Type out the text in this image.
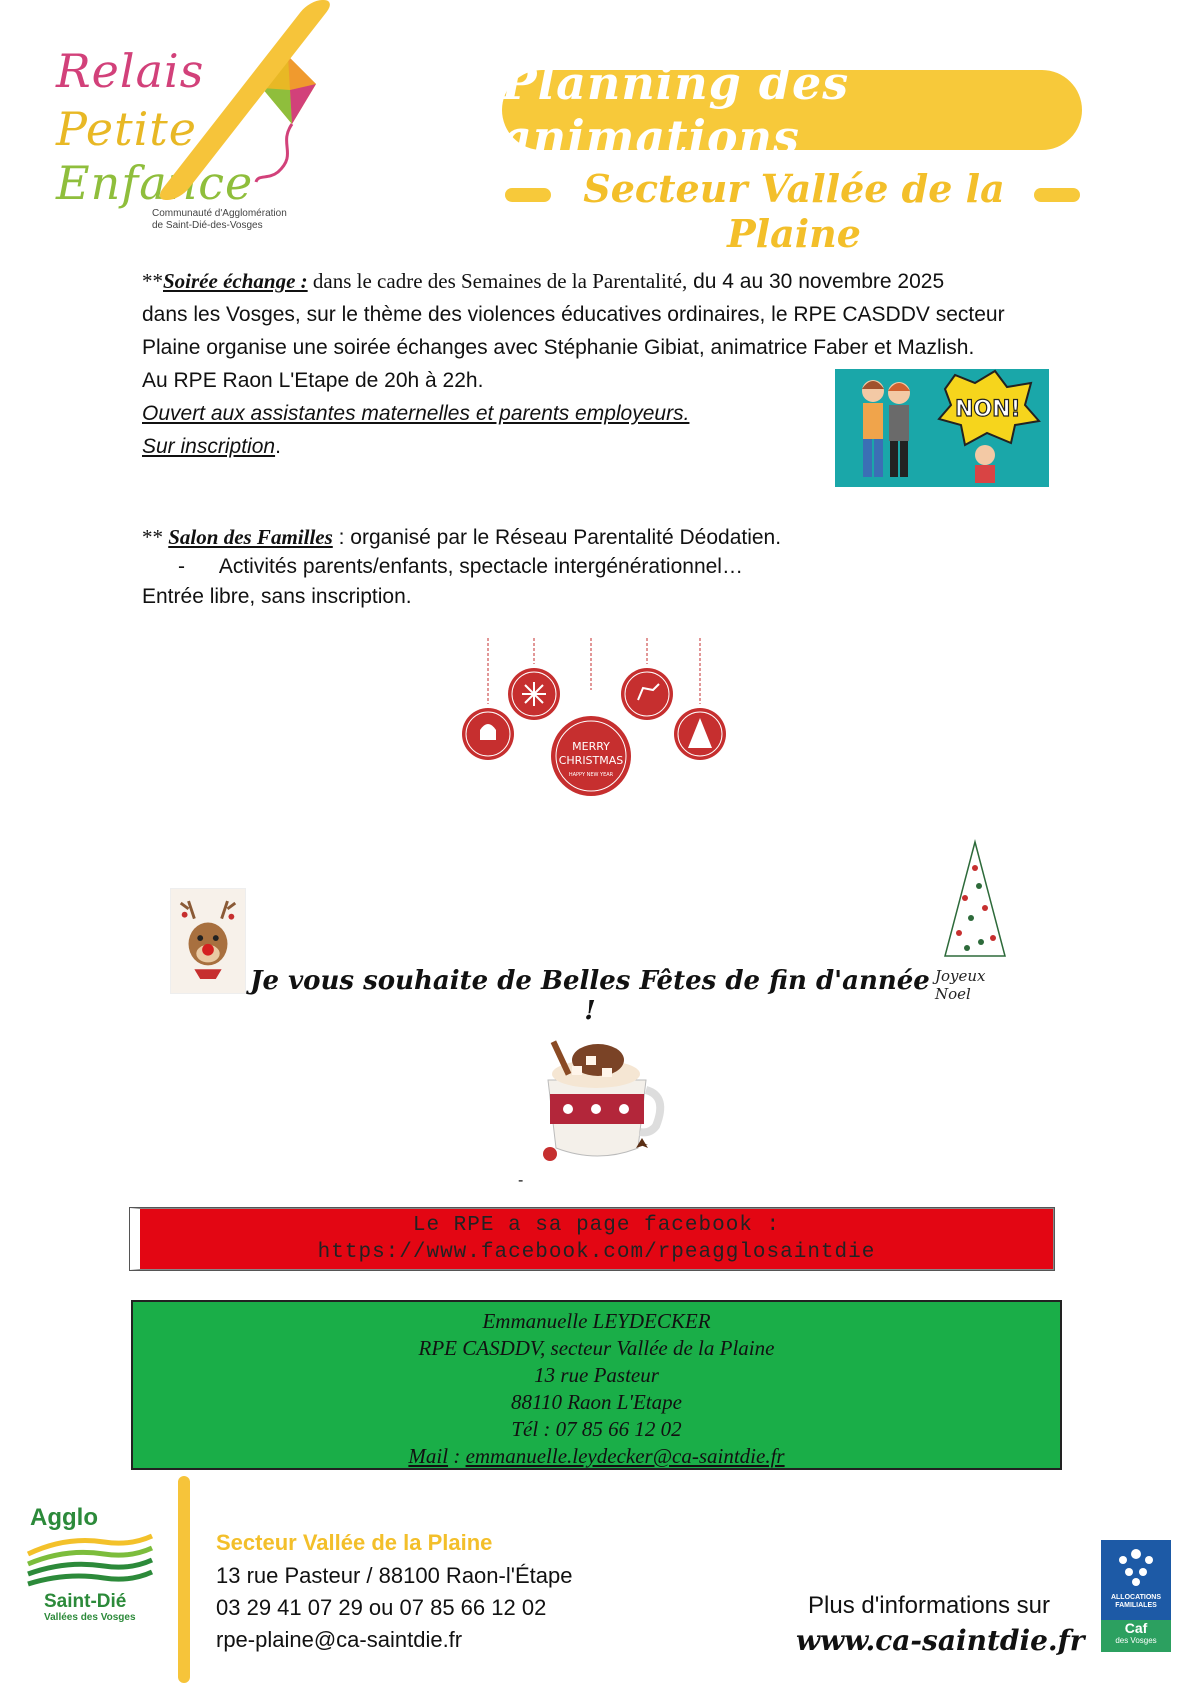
Relais
Petite
Enfance
Communauté d'Agglomération
de Saint-Dié-des-Vosges
Planning des animations
Secteur Vallée de la Plaine
**Soirée échange : dans le cadre des Semaines de la Parentalité, du 4 au 30 novembre 2025
dans les Vosges, sur le thème des violences éducatives ordinaires, le RPE CASDDV secteur
Plaine organise une soirée échanges avec Stéphanie Gibiat, animatrice Faber et Mazlish.
Au RPE Raon L'Etape de 20h à 22h.
Ouvert aux assistantes maternelles et parents employeurs.
Sur inscription.
NON!
** Salon des Familles : organisé par le Réseau Parentalité Déodatien.
- Activités parents/enfants, spectacle intergénérationnel…
Entrée libre, sans inscription.
MERRY
CHRISTMAS
HAPPY NEW YEAR
Joyeux Noel
Je vous souhaite de Belles Fêtes de fin d'année !
-
Le RPE a sa page facebook :
https://www.facebook.com/rpeagglosaintdie
Emmanuelle LEYDECKER
RPE CASDDV, secteur Vallée de la Plaine
13 rue Pasteur
88110 Raon L'Etape
Tél : 07 85 66 12 02
Mail : emmanuelle.leydecker@ca-saintdie.fr
Agglo
Saint-Dié
Vallées des Vosges
Secteur Vallée de la Plaine
13 rue Pasteur / 88100 Raon-l'Étape
03 29 41 07 29 ou 07 85 66 12 02
rpe-plaine@ca-saintdie.fr
Plus d'informations sur
www.ca-saintdie.fr
ALLOCATIONS
FAMILIALES
Caf
des Vosges
